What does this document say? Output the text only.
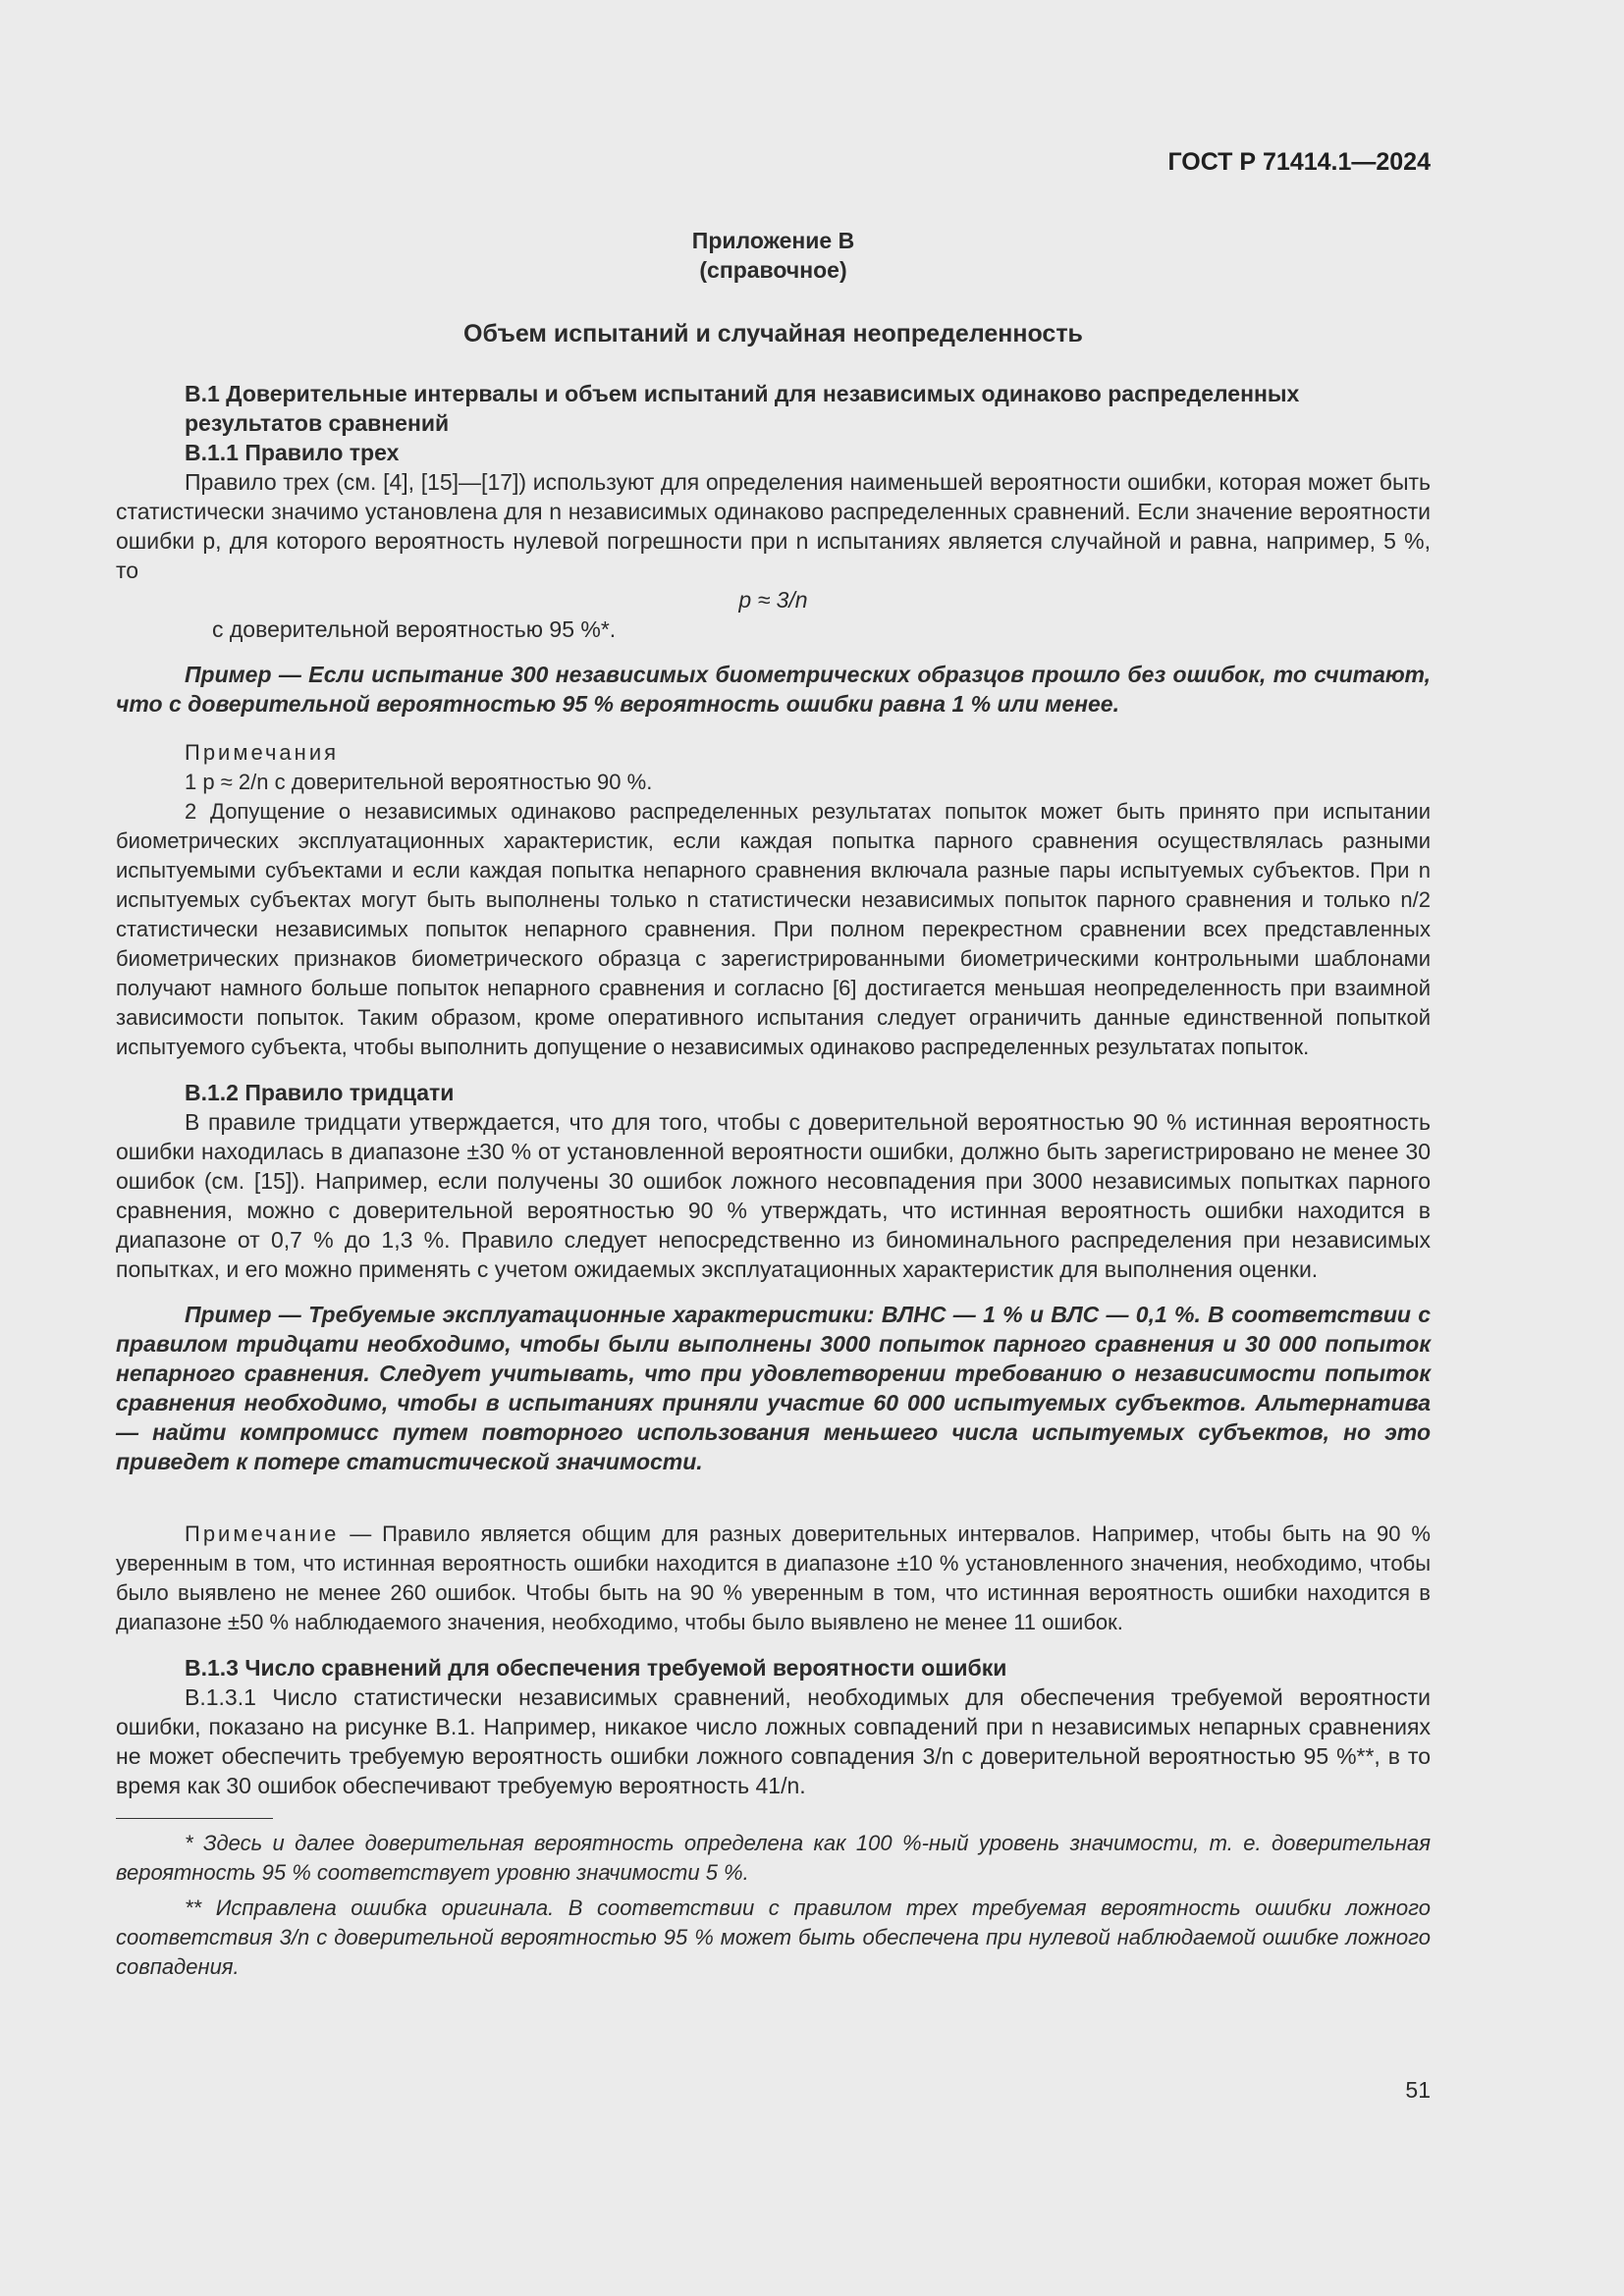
ГОСТ Р 71414.1—2024
Приложение В
(справочное)
Объем испытаний и случайная неопределенность
В.1 Доверительные интервалы и объем испытаний для независимых одинаково распределенных результатов сравнений
В.1.1 Правило трех

Правило трех (см. [4], [15]—[17]) используют для определения наименьшей вероятности ошибки, которая может быть статистически значимо установлена для n независимых одинаково распределенных сравнений. Если значение вероятности ошибки p, для которого вероятность нулевой погрешности при n испытаниях является случайной и равна, например, 5 %, то

p ≈ 3/n
с доверительной вероятностью 95 %*.

Пример — Если испытание 300 независимых биометрических образцов прошло без ошибок, то считают, что с доверительной вероятностью 95 % вероятность ошибки равна 1 % или менее.

Примечания

1 p ≈ 2/n с доверительной вероятностью 90 %.

2 Допущение о независимых одинаково распределенных результатах попыток может быть принято при испытании биометрических эксплуатационных характеристик, если каждая попытка парного сравнения осуществлялась разными испытуемыми субъектами и если каждая попытка непарного сравнения включала разные пары испытуемых субъектов. При n испытуемых субъектах могут быть выполнены только n статистически независимых попыток парного сравнения и только n/2 статистически независимых попыток непарного сравнения. При полном перекрестном сравнении всех представленных биометрических признаков биометрического образца с зарегистрированными биометрическими контрольными шаблонами получают намного больше попыток непарного сравнения и согласно [6] достигается меньшая неопределенность при взаимной зависимости попыток. Таким образом, кроме оперативного испытания следует ограничить данные единственной попыткой испытуемого субъекта, чтобы выполнить допущение о независимых одинаково распределенных результатах попыток.

В.1.2 Правило тридцати

В правиле тридцати утверждается, что для того, чтобы с доверительной вероятностью 90 % истинная вероятность ошибки находилась в диапазоне ±30 % от установленной вероятности ошибки, должно быть зарегистрировано не менее 30 ошибок (см. [15]). Например, если получены 30 ошибок ложного несовпадения при 3000 независимых попытках парного сравнения, можно с доверительной вероятностью 90 % утверждать, что истинная вероятность ошибки находится в диапазоне от 0,7 % до 1,3 %. Правило следует непосредственно из биноминального распределения при независимых попытках, и его можно применять с учетом ожидаемых эксплуатационных характеристик для выполнения оценки.

Пример — Требуемые эксплуатационные характеристики: ВЛНС — 1 % и ВЛС — 0,1 %. В соответствии с правилом тридцати необходимо, чтобы были выполнены 3000 попыток парного сравнения и 30 000 попыток непарного сравнения. Следует учитывать, что при удовлетворении требованию о независимости попыток сравнения необходимо, чтобы в испытаниях приняли участие 60 000 испытуемых субъектов. Альтернатива — найти компромисс путем повторного использования меньшего числа испытуемых субъектов, но это приведет к потере статистической значимости.

Примечание — Правило является общим для разных доверительных интервалов. Например, чтобы быть на 90 % уверенным в том, что истинная вероятность ошибки находится в диапазоне ±10 % установленного значения, необходимо, чтобы было выявлено не менее 260 ошибок. Чтобы быть на 90 % уверенным в том, что истинная вероятность ошибки находится в диапазоне ±50 % наблюдаемого значения, необходимо, чтобы было выявлено не менее 11 ошибок.

В.1.3 Число сравнений для обеспечения требуемой вероятности ошибки

В.1.3.1 Число статистически независимых сравнений, необходимых для обеспечения требуемой вероятности ошибки, показано на рисунке В.1. Например, никакое число ложных совпадений при n независимых непарных сравнениях не может обеспечить требуемую вероятность ошибки ложного совпадения 3/n с доверительной вероятностью 95 %**, в то время как 30 ошибок обеспечивают требуемую вероятность 41/n.

* Здесь и далее доверительная вероятность определена как 100 %-ный уровень значимости, т. е. доверительная вероятность 95 % соответствует уровню значимости 5 %.

** Исправлена ошибка оригинала. В соответствии с правилом трех требуемая вероятность ошибки ложного соответствия 3/n с доверительной вероятностью 95 % может быть обеспечена при нулевой наблюдаемой ошибке ложного совпадения.

51
